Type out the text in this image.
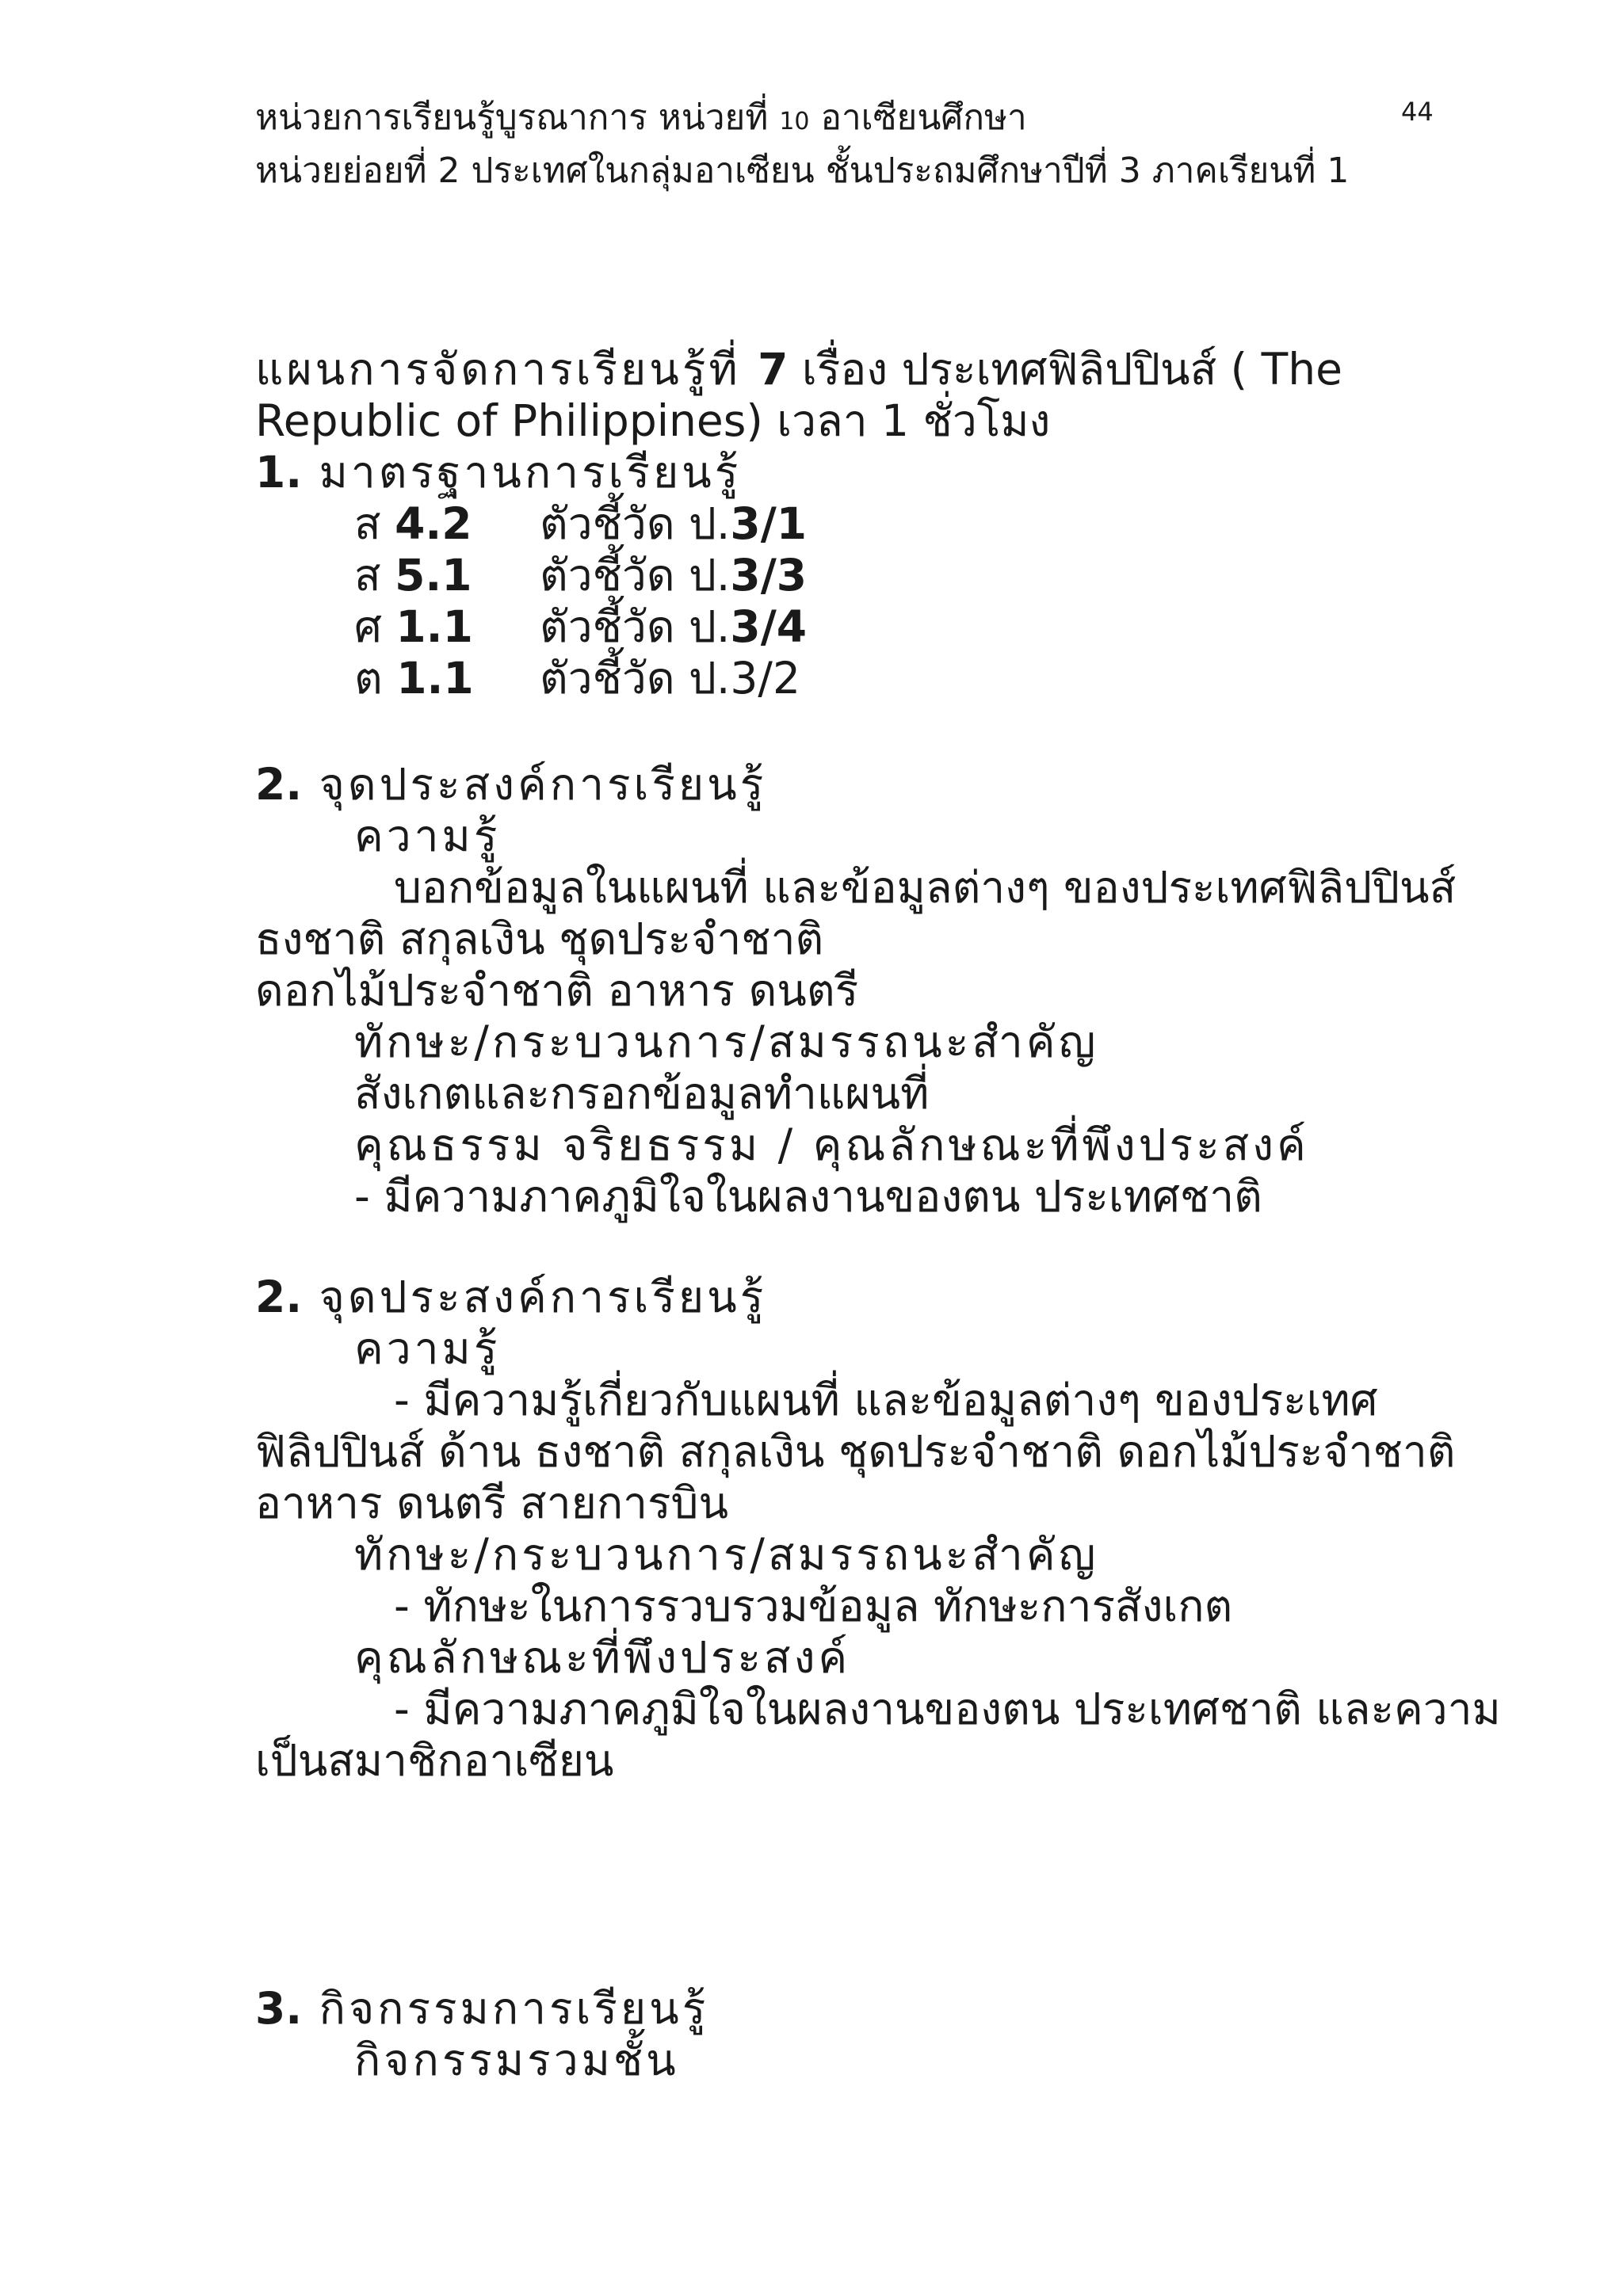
หน่วยการเรียนรู้บูรณาการ หน่วยที่ 10 อาเซียนศึกษา
หน่วยย่อยที่ 2 ประเทศในกลุ่มอาเซียน ชั้นประถมศึกษาปีที่ 3 ภาคเรียนที่ 1
44
แผนการจัดการเรียนรู้ที่ 7 เรื่อง ประเทศฟิลิปปินส์ ( The
Republic of Philippines) เวลา 1 ชั่วโมง
1. มาตรฐานการเรียนรู้
ส 4.2 ตัวชี้วัด ป.3/1
ส 5.1 ตัวชี้วัด ป.3/3
ศ 1.1 ตัวชี้วัด ป.3/4
ต 1.1 ตัวชี้วัด ป.3/2
2. จุดประสงค์การเรียนรู้
ความรู้
บอกข้อมูลในแผนที่ และข้อมูลต่างๆ ของประเทศฟิลิปปินส์
ธงชาติ สกุลเงิน ชุดประจำชาติ
ดอกไม้ประจำชาติ อาหาร ดนตรี
ทักษะ/กระบวนการ/สมรรถนะสำคัญ
สังเกตและกรอกข้อมูลทำแผนที่
คุณธรรม จริยธรรม / คุณลักษณะที่พึงประสงค์
- มีความภาคภูมิใจในผลงานของตน ประเทศชาติ
2. จุดประสงค์การเรียนรู้
ความรู้
- มีความรู้เกี่ยวกับแผนที่ และข้อมูลต่างๆ ของประเทศ
ฟิลิปปินส์ ด้าน ธงชาติ สกุลเงิน ชุดประจำชาติ ดอกไม้ประจำชาติ
อาหาร ดนตรี สายการบิน
ทักษะ/กระบวนการ/สมรรถนะสำคัญ
- ทักษะในการรวบรวมข้อมูล ทักษะการสังเกต
คุณลักษณะที่พึงประสงค์
- มีความภาคภูมิใจในผลงานของตน ประเทศชาติ และความ
เป็นสมาชิกอาเซียน
3. กิจกรรมการเรียนรู้
กิจกรรมรวมชั้น
